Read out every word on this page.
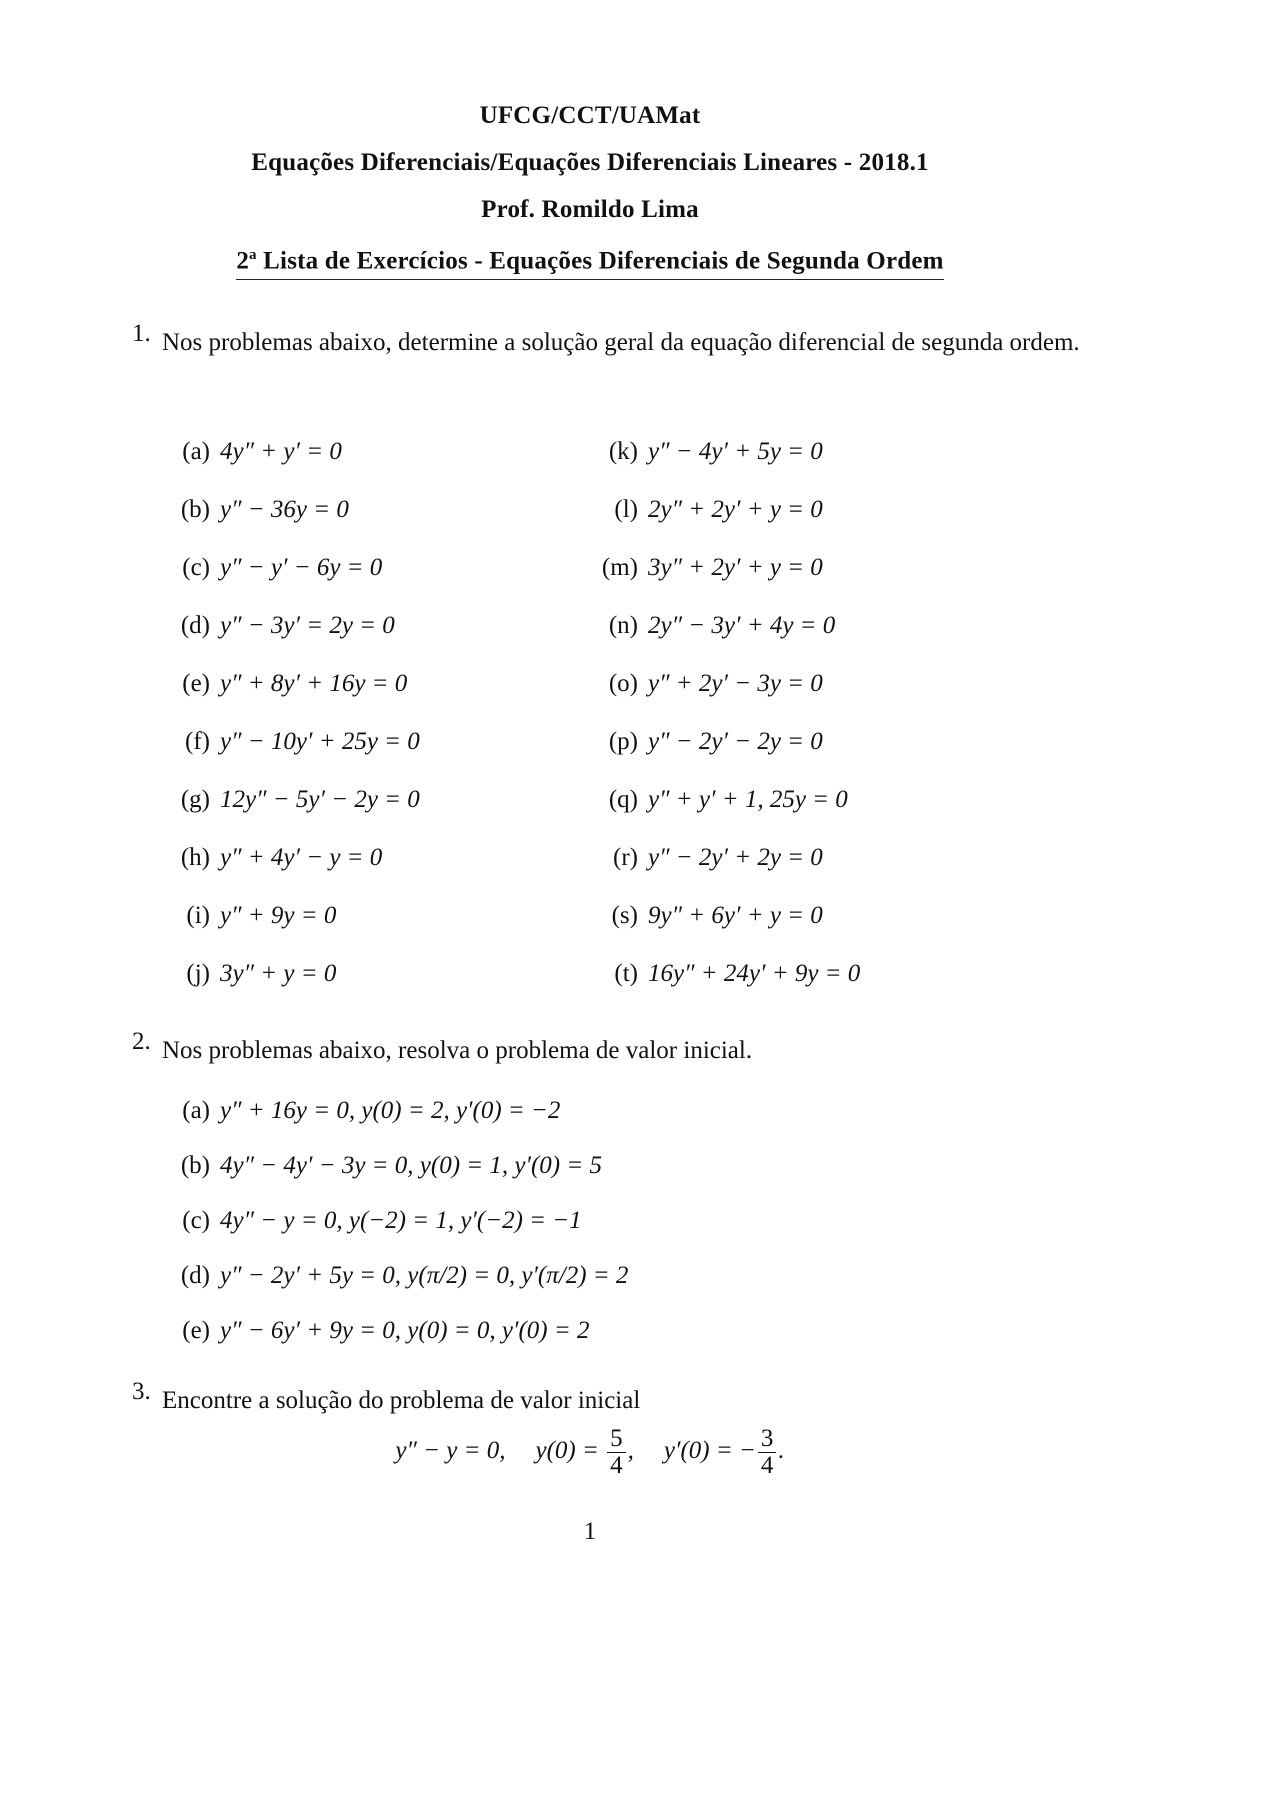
UFCG/CCT/UAMat
Equações Diferenciais/Equações Diferenciais Lineares - 2018.1
Prof. Romildo Lima
2$^a$ Lista de Exercícios - Equações Diferenciais de Segunda Ordem
1. Nos problemas abaixo, determine a solução geral da equação diferencial de segunda ordem.
(a) 4y″ + y′ = 0
(b) y″ − 36y = 0
(c) y″ − y′ − 6y = 0
(d) y″ − 3y′ = 2y = 0
(e) y″ + 8y′ + 16y = 0
(f) y″ − 10y′ + 25y = 0
(g) 12y″ − 5y′ − 2y = 0
(h) y″ + 4y′ − y = 0
(i) y″ + 9y = 0
(j) 3y″ + y = 0
(k) y″ − 4y′ + 5y = 0
(l) 2y″ + 2y′ + y = 0
(m) 3y″ + 2y′ + y = 0
(n) 2y″ − 3y′ + 4y = 0
(o) y″ + 2y′ − 3y = 0
(p) y″ − 2y′ − 2y = 0
(q) y″ + y′ + 1, 25y = 0
(r) y″ − 2y′ + 2y = 0
(s) 9y″ + 6y′ + y = 0
(t) 16y″ + 24y′ + 9y = 0
2. Nos problemas abaixo, resolva o problema de valor inicial.
(a) y″ + 16y = 0, y(0) = 2, y′(0) = −2
(b) 4y″ − 4y′ − 3y = 0, y(0) = 1, y′(0) = 5
(c) 4y″ − y = 0, y(−2) = 1, y′(−2) = −1
(d) y″ − 2y′ + 5y = 0, y(π/2) = 0, y′(π/2) = 2
(e) y″ − 6y′ + 9y = 0, y(0) = 0, y′(0) = 2
3. Encontre a solução do problema de valor inicial
y″ − y = 0, $y(0) = \frac{5}{4}$ , y′(0) = − $\frac{3}{4}$ .
1
